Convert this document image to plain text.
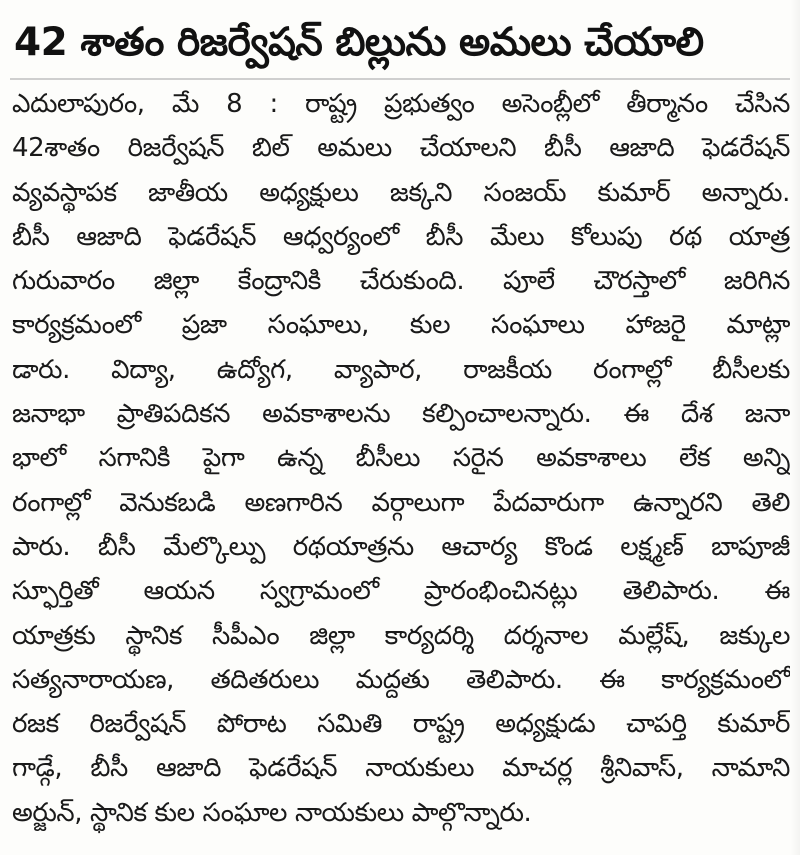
42 శాతం రిజర్వేషన్ బిల్లును అమలు చేయాలి
ఎదులాపురం, మే 8 : రాష్ట్ర ప్రభుత్వం అసెంబ్లీలో తీర్మానం చేసిన
42శాతం రిజర్వేషన్ బిల్ అమలు చేయాలని బీసీ ఆజాది ఫెడరేషన్
వ్యవస్థాపక జాతీయ అధ్యక్షులు జక్కని సంజయ్ కుమార్ అన్నారు.
బీసీ ఆజాది ఫెడరేషన్ ఆధ్వర్యంలో బీసీ మేలు కోలుపు రథ యాత్ర
గురువారం జిల్లా కేంద్రానికి చేరుకుంది. పూలే చౌరస్తాలో జరిగిన
కార్యక్రమంలో ప్రజా సంఘాలు, కుల సంఘాలు హాజరై మాట్లా
డారు. విద్యా, ఉద్యోగ, వ్యాపార, రాజకీయ రంగాల్లో బీసీలకు
జనాభా ప్రాతిపదికన అవకాశాలను కల్పించాలన్నారు. ఈ దేశ జనా
భాలో సగానికి పైగా ఉన్న బీసీలు సరైన అవకాశాలు లేక అన్ని
రంగాల్లో వెనుకబడి అణగారిన వర్గాలుగా పేదవారుగా ఉన్నారని తెలి
పారు. బీసీ మేల్కొల్పు రథయాత్రను ఆచార్య కొండ లక్ష్మణ్ బాపూజీ
స్ఫూర్తితో ఆయన స్వగ్రామంలో ప్రారంభించినట్లు తెలిపారు. ఈ
యాత్రకు స్థానిక సీపీఎం జిల్లా కార్యదర్శి దర్శనాల మల్లేష్, జక్కుల
సత్యనారాయణ, తదితరులు మద్దతు తెలిపారు. ఈ కార్యక్రమంలో
రజక రిజర్వేషన్ పోరాట సమితి రాష్ట్ర అధ్యక్షుడు చాపర్తి కుమార్
గాడ్గే, బీసీ ఆజాది ఫెడరేషన్ నాయకులు మాచర్ల శ్రీనివాస్, నామాని
అర్జున్, స్థానిక కుల సంఘాల నాయకులు పాల్గొన్నారు.
